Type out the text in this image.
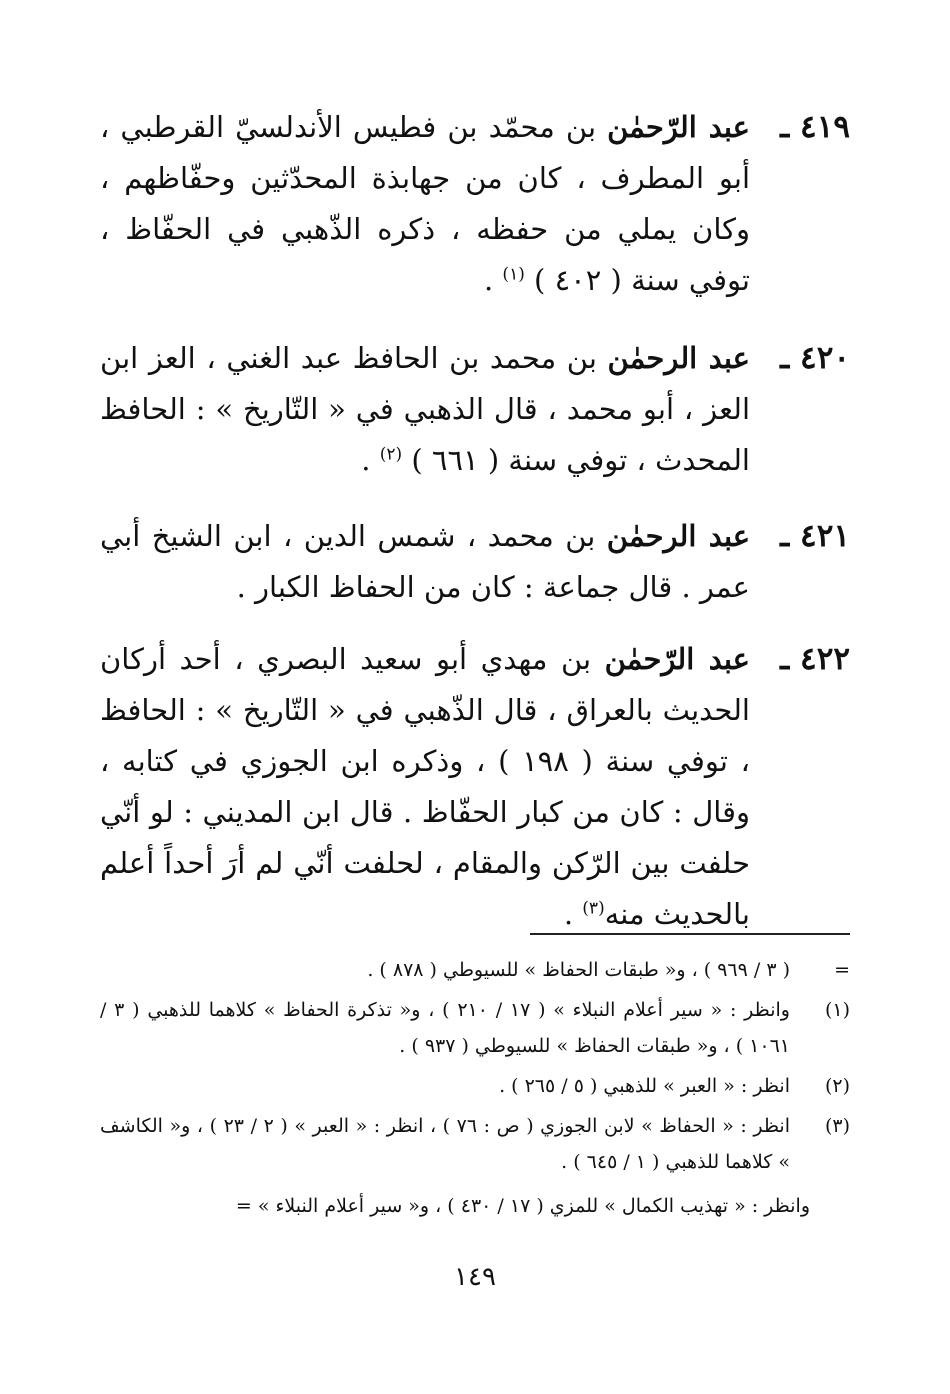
٤١٩ ـ
عبد الرّحمٰن بن محمّد بن فطيس الأندلسيّ القرطبي ، أبو المطرف ، كان من جهابذة المحدّثين وحفّاظهم ، وكان يملي من حفظه ، ذكره الذّهبي في الحفّاظ ، توفي سنة ( ٤٠٢ ) $^{(١)}$ .
٤٢٠ ـ
عبد الرحمٰن بن محمد بن الحافظ عبد الغني ، العز ابن العز ، أبو محمد ، قال الذهبي في « التّاريخ » : الحافظ المحدث ، توفي سنة ( ٦٦١ ) $^{(٢)}$ .
٤٢١ ـ
عبد الرحمٰن بن محمد ، شمس الدين ، ابن الشيخ أبي عمر . قال جماعة : كان من الحفاظ الكبار .
٤٢٢ ـ
عبد الرّحمٰن بن مهدي أبو سعيد البصري ، أحد أركان الحديث بالعراق ، قال الذّهبي في « التّاريخ » : الحافظ ، توفي سنة ( ١٩٨ ) ، وذكره ابن الجوزي في كتابه ، وقال : كان من كبار الحفّاظ . قال ابن المديني : لو أنّي حلفت بين الرّكن والمقام ، لحلفت أنّي لم أرَ أحداً أعلم بالحديث منه$^{(٣)}$ .
=
( ٣ / ٩٦٩ ) ، و« طبقات الحفاظ » للسيوطي ( ٨٧٨ ) .
(١)
وانظر : « سير أعلام النبلاء » ( ١٧ / ٢١٠ ) ، و« تذكرة الحفاظ » كلاهما للذهبي ( ٣ / ١٠٦١ ) ، و« طبقات الحفاظ » للسيوطي ( ٩٣٧ ) .
(٢)
انظر : « العبر » للذهبي ( ٥ / ٢٦٥ ) .
(٣)
انظر : « الحفاظ » لابن الجوزي ( ص : ٧٦ ) ، انظر : « العبر » ( ٢ / ٢٣ ) ، و« الكاشف » كلاهما للذهبي ( ١ / ٦٤٥ ) .
وانظر : « تهذيب الكمال » للمزي ( ١٧ / ٤٣٠ ) ، و« سير أعلام النبلاء » =
١٤٩
